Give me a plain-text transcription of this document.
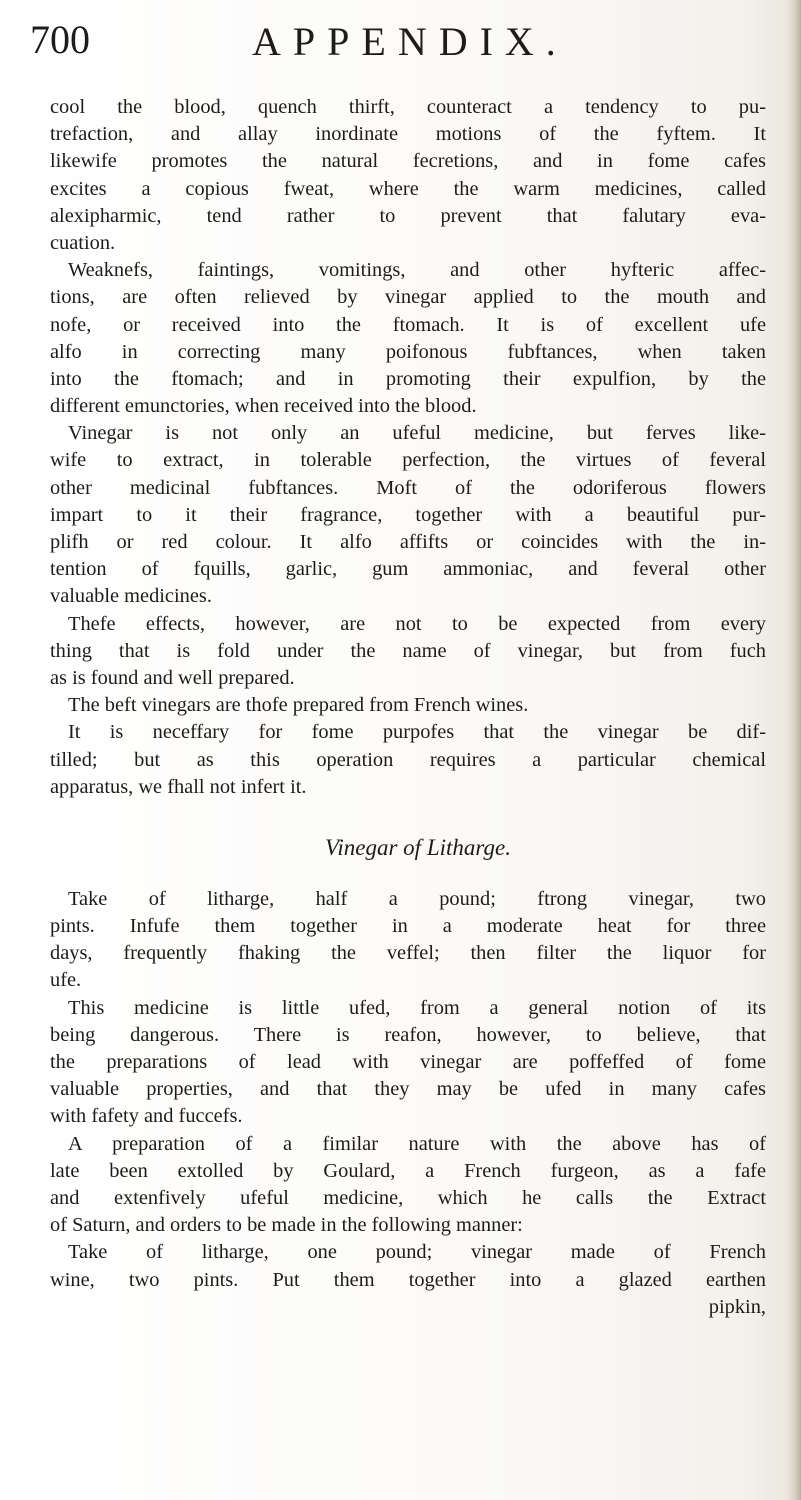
700	APPENDIX.
cool the blood, quench thirft, counteract a tendency to pu-
trefaction, and allay inordinate motions of the fyftem. It
likewife promotes the natural fecretions, and in fome cafes
excites a copious fweat, where the warm medicines, called
alexipharmic, tend rather to prevent that falutary eva-
cuation.
Weaknefs, faintings, vomitings, and other hyfteric affec-
tions, are often relieved by vinegar applied to the mouth and
nofe, or received into the ftomach. It is of excellent ufe
alfo in correcting many poifonous fubftances, when taken
into the ftomach; and in promoting their expulfion, by the
different emunctories, when received into the blood.
Vinegar is not only an ufeful medicine, but ferves like-
wife to extract, in tolerable perfection, the virtues of feveral
other medicinal fubftances. Moft of the odoriferous flowers
impart to it their fragrance, together with a beautiful pur-
plifh or red colour. It alfo affifts or coincides with the in-
tention of fquills, garlic, gum ammoniac, and feveral other
valuable medicines.
Thefe effects, however, are not to be expected from every
thing that is fold under the name of vinegar, but from fuch
as is found and well prepared.
The beft vinegars are thofe prepared from French wines.
It is neceffary for fome purpofes that the vinegar be dif-
tilled; but as this operation requires a particular chemical
apparatus, we fhall not infert it.
Vinegar of Litharge.
Take of litharge, half a pound; ftrong vinegar, two
pints. Infufe them together in a moderate heat for three
days, frequently fhaking the veffel; then filter the liquor for
ufe.
This medicine is little ufed, from a general notion of its
being dangerous. There is reafon, however, to believe, that
the preparations of lead with vinegar are poffeffed of fome
valuable properties, and that they may be ufed in many cafes
with fafety and fuccefs.
A preparation of a fimilar nature with the above has of
late been extolled by Goulard, a French furgeon, as a fafe
and extenfively ufeful medicine, which he calls the Extract
of Saturn, and orders to be made in the following manner:
Take of litharge, one pound; vinegar made of French
wine, two pints. Put them together into a glazed earthen
pipkin,
